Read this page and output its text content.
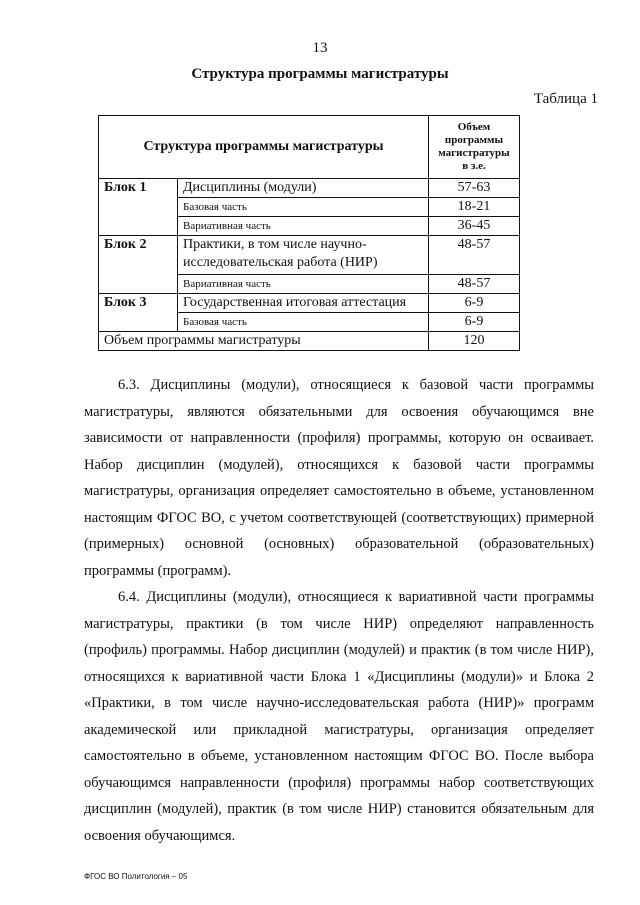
13
Структура программы магистратуры
Таблица 1
Структура программы магистратуры		Объем программы магистратуры в з.е.
Блок 1	Дисциплины (модули)	57-63
	Базовая часть	18-21
	Вариативная часть	36-45
Блок 2	Практики, в том числе научно-исследовательская работа (НИР)	48-57
	Вариативная часть	48-57
Блок 3	Государственная итоговая аттестация	6-9
	Базовая часть	6-9
Объем программы магистратуры		120
6.3. Дисциплины (модули), относящиеся к базовой части программы магистратуры, являются обязательными для освоения обучающимся вне зависимости от направленности (профиля) программы, которую он осваивает. Набор дисциплин (модулей), относящихся к базовой части программы магистратуры, организация определяет самостоятельно в объеме, установленном настоящим ФГОС ВО, с учетом соответствующей (соответствующих) примерной (примерных) основной (основных) образовательной (образовательных) программы (программ).
6.4. Дисциплины (модули), относящиеся к вариативной части программы магистратуры, практики (в том числе НИР) определяют направленность (профиль) программы. Набор дисциплин (модулей) и практик (в том числе НИР), относящихся к вариативной части Блока 1 «Дисциплины (модули)» и Блока 2 «Практики, в том числе научно-исследовательская работа (НИР)» программ академической или прикладной магистратуры, организация определяет самостоятельно в объеме, установленном настоящим ФГОС ВО. После выбора обучающимся направленности (профиля) программы набор соответствующих дисциплин (модулей), практик (в том числе НИР) становится обязательным для освоения обучающимся.
ФГОС ВО Политология – 05
